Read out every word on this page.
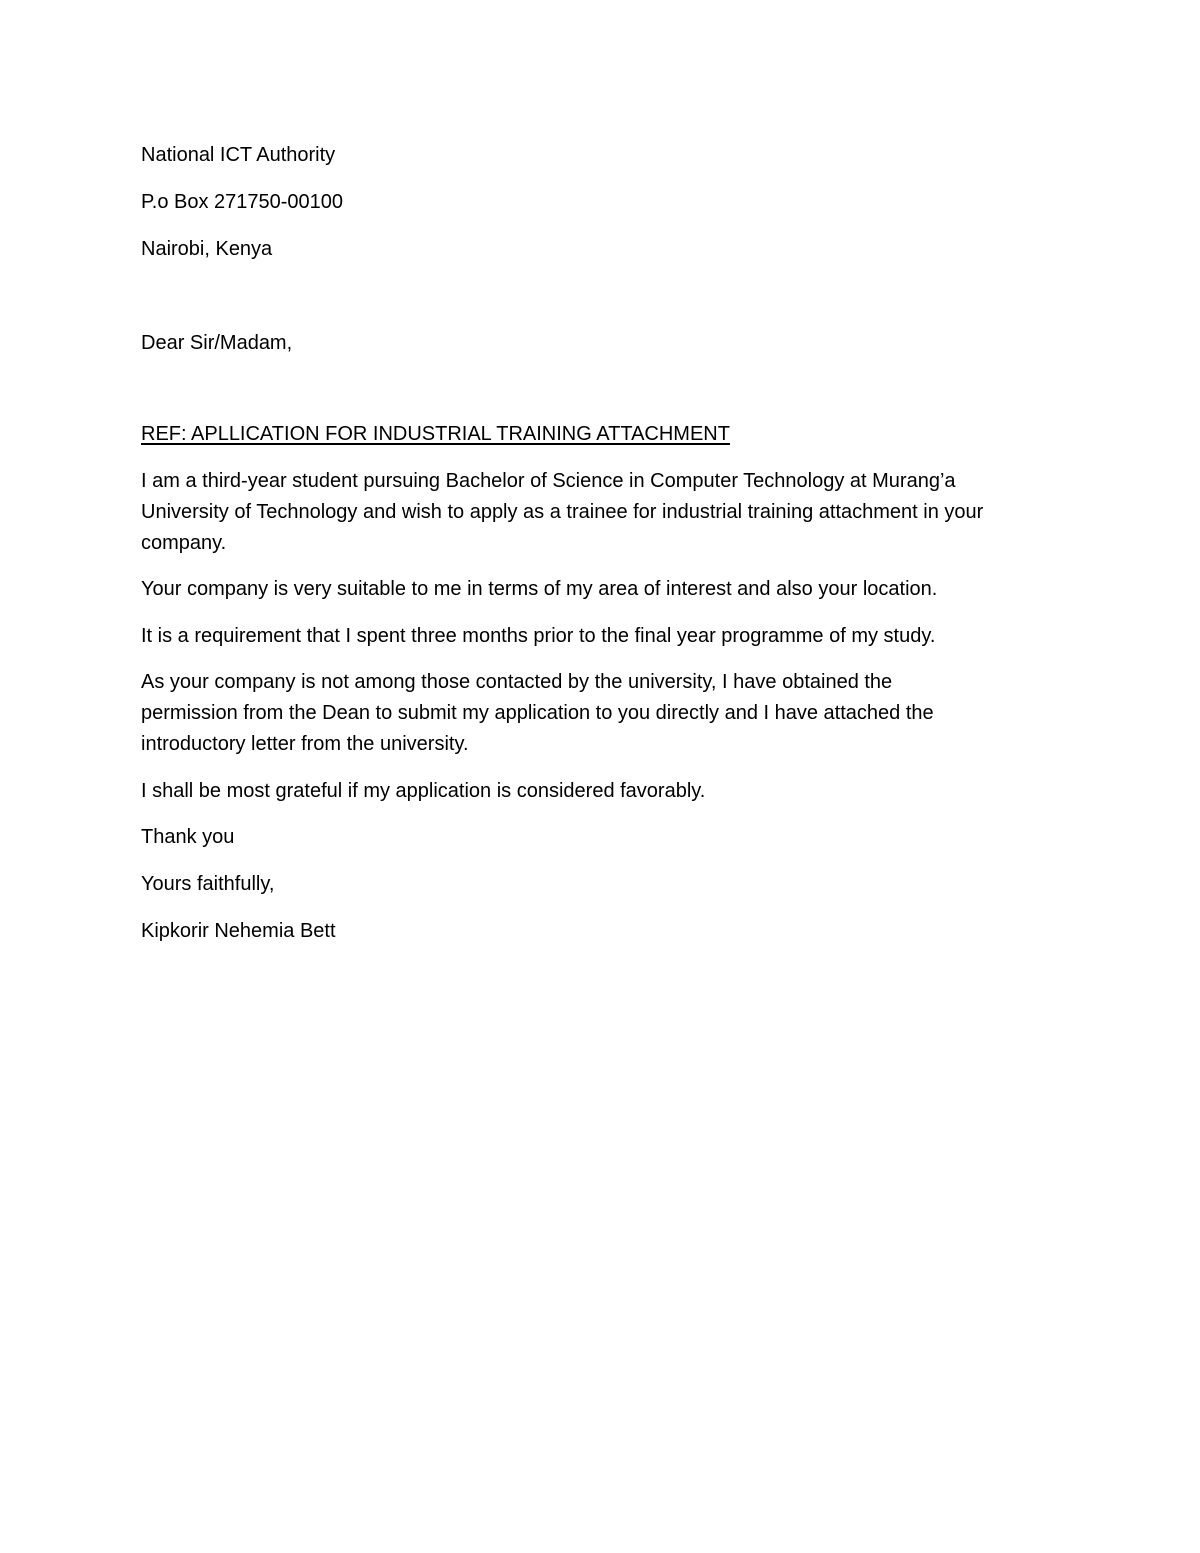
National ICT Authority
P.o Box 271750-00100
Nairobi, Kenya
Dear Sir/Madam,
REF: APLLICATION FOR INDUSTRIAL TRAINING ATTACHMENT
I am a third-year student pursuing Bachelor of Science in Computer Technology at Murang’a
University of Technology and wish to apply as a trainee for industrial training attachment in your
company.
Your company is very suitable to me in terms of my area of interest and also your location.
It is a requirement that I spent three months prior to the final year programme of my study.
As your company is not among those contacted by the university, I have obtained the
permission from the Dean to submit my application to you directly and I have attached the
introductory letter from the university.
I shall be most grateful if my application is considered favorably.
Thank you
Yours faithfully,
Kipkorir Nehemia Bett
